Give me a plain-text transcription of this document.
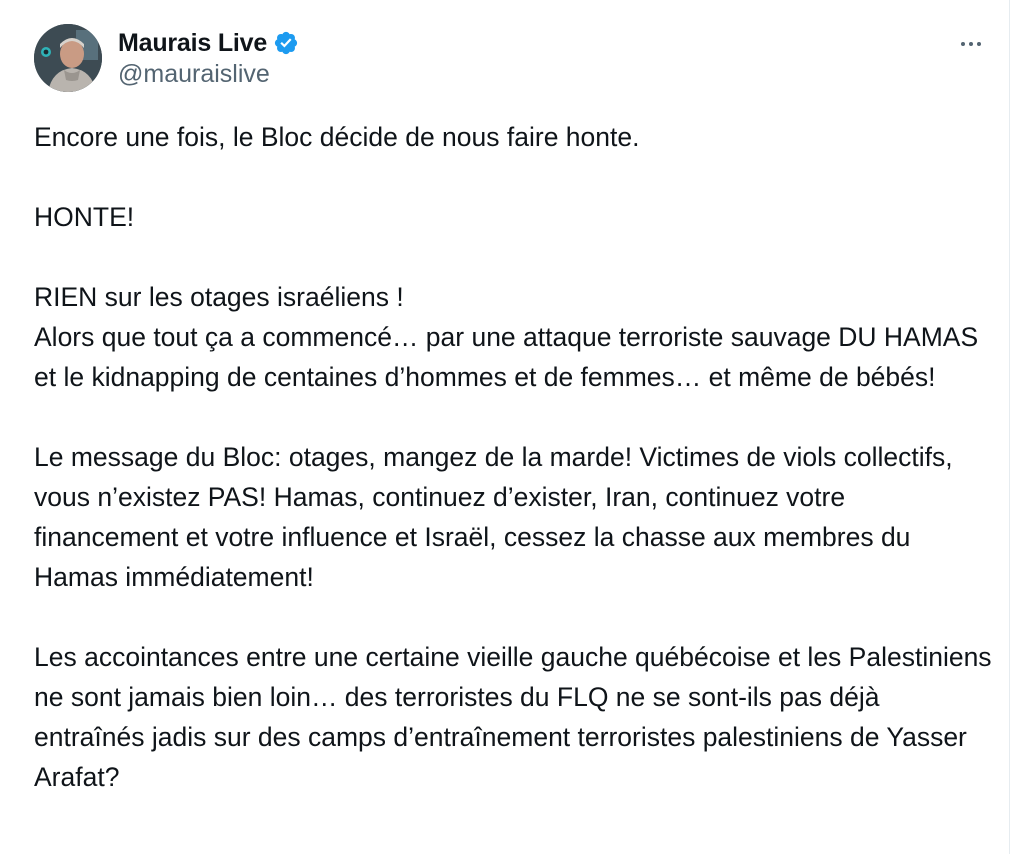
Maurais Live
@mauraislive

Encore une fois, le Bloc décide de nous faire honte.

HONTE!

RIEN sur les otages israéliens !

Alors que tout ça a commencé… par une attaque terroriste sauvage DU HAMAS et le kidnapping de centaines d’hommes et de femmes… et même de bébés!

Le message du Bloc: otages, mangez de la marde! Victimes de viols collectifs, vous n’existez PAS! Hamas, continuez d’exister, Iran, continuez votre financement et votre influence et Israël, cessez la chasse aux membres du Hamas immédiatement!

Les accointances entre une certaine vieille gauche québécoise et les Palestiniens ne sont jamais bien loin… des terroristes du FLQ ne se sont-ils pas déjà entraînés jadis sur des camps d’entraînement terroristes palestiniens de Yasser Arafat?
